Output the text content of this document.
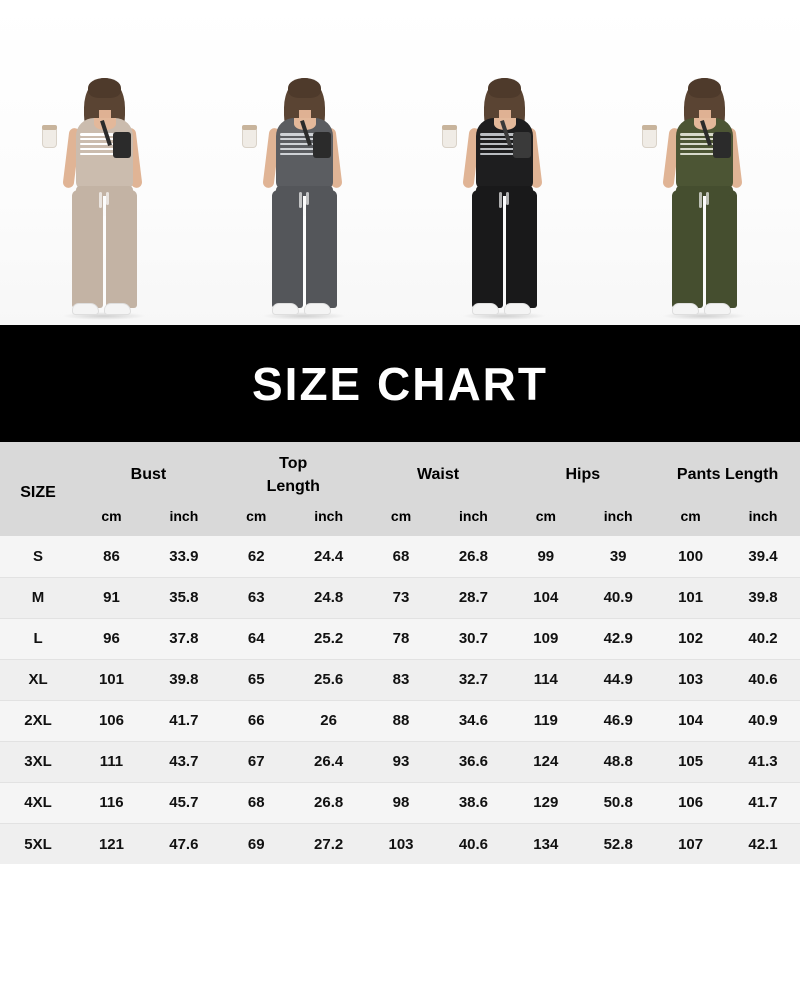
SIZE CHART
SIZE	Bust		Top
Length		Waist		Hips		Pants Length	
	cm	inch	cm	inch	cm	inch	cm	inch	cm	inch
S	86	33.9	62	24.4	68	26.8	99	39	100	39.4
M	91	35.8	63	24.8	73	28.7	104	40.9	101	39.8
L	96	37.8	64	25.2	78	30.7	109	42.9	102	40.2
XL	101	39.8	65	25.6	83	32.7	114	44.9	103	40.6
2XL	106	41.7	66	26	88	34.6	119	46.9	104	40.9
3XL	111	43.7	67	26.4	93	36.6	124	48.8	105	41.3
4XL	116	45.7	68	26.8	98	38.6	129	50.8	106	41.7
5XL	121	47.6	69	27.2	103	40.6	134	52.8	107	42.1
